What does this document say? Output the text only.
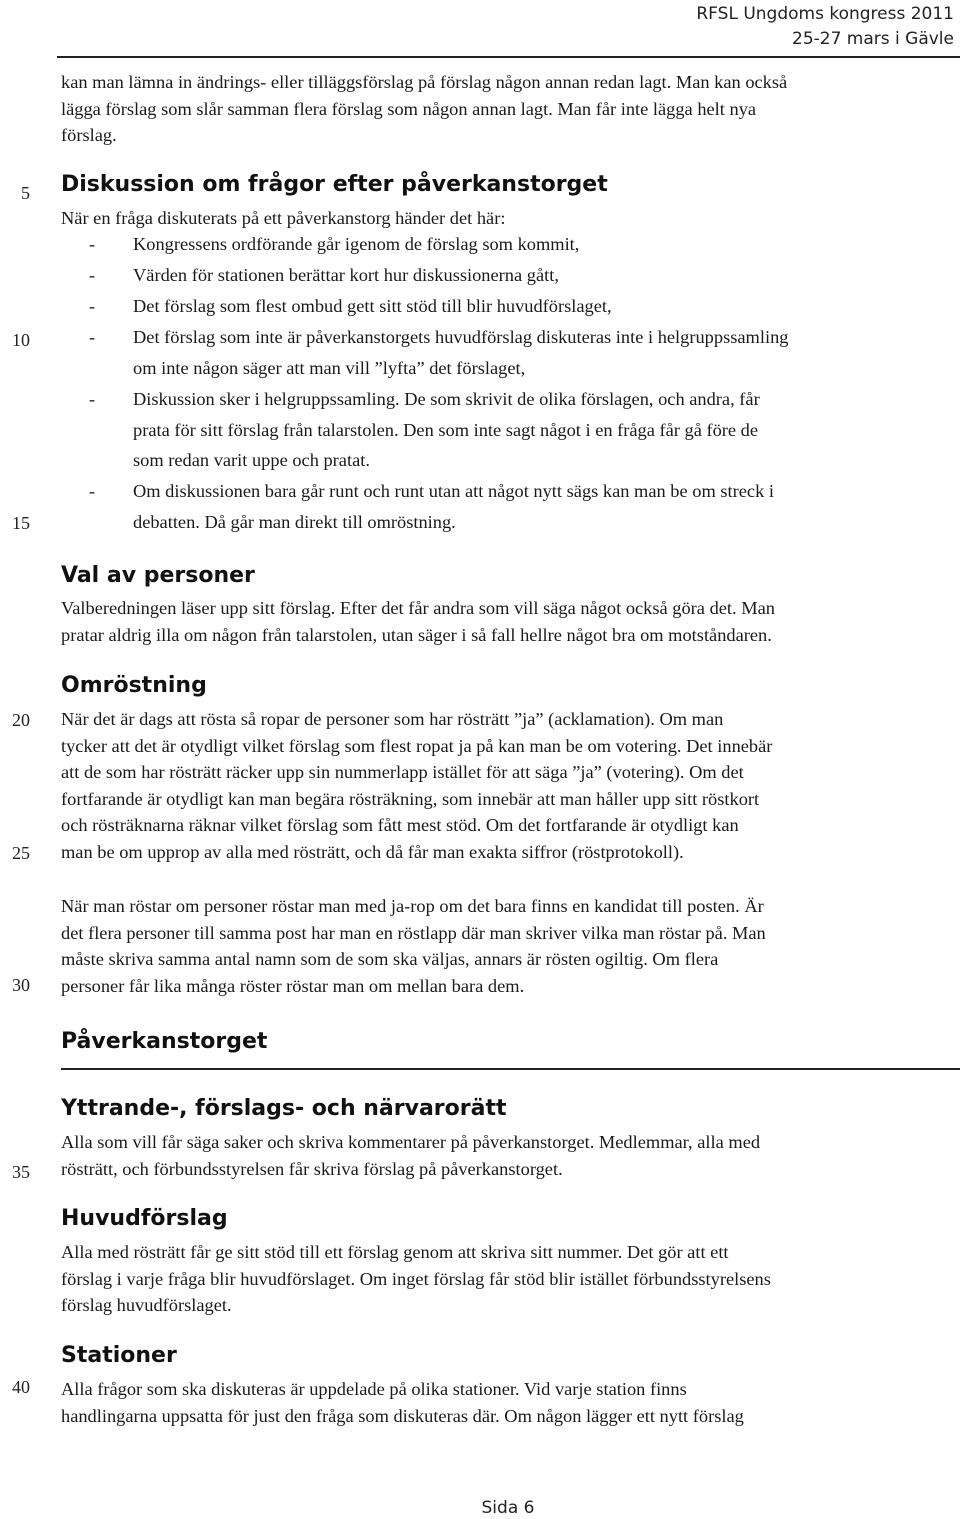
RFSL Ungdoms kongress 2011
25-27 mars i Gävle
5
10
15
20
25
30
35
40

kan man lämna in ändrings- eller tilläggsförslag på förslag någon annan redan lagt. Man kan också
lägga förslag som slår samman flera förslag som någon annan lagt. Man får inte lägga helt nya
förslag.

Diskussion om frågor efter påverkanstorget

När en fråga diskuterats på ett påverkanstorg händer det här:

- Kongressens ordförande går igenom de förslag som kommit,

- Värden för stationen berättar kort hur diskussionerna gått,

- Det förslag som flest ombud gett sitt stöd till blir huvudförslaget,

- Det förslag som inte är påverkanstorgets huvudförslag diskuteras inte i helgruppssamling
om inte någon säger att man vill ”lyfta” det förslaget,

- Diskussion sker i helgruppssamling. De som skrivit de olika förslagen, och andra, får
prata för sitt förslag från talarstolen. Den som inte sagt något i en fråga får gå före de
som redan varit uppe och pratat.

- Om diskussionen bara går runt och runt utan att något nytt sägs kan man be om streck i
debatten. Då går man direkt till omröstning.

Val av personer

Valberedningen läser upp sitt förslag. Efter det får andra som vill säga något också göra det. Man
pratar aldrig illa om någon från talarstolen, utan säger i så fall hellre något bra om motståndaren.

Omröstning

När det är dags att rösta så ropar de personer som har rösträtt ”ja” (acklamation). Om man
tycker att det är otydligt vilket förslag som flest ropat ja på kan man be om votering. Det innebär
att de som har rösträtt räcker upp sin nummerlapp istället för att säga ”ja” (votering). Om det
fortfarande är otydligt kan man begära rösträkning, som innebär att man håller upp sitt röstkort
och rösträknarna räknar vilket förslag som fått mest stöd. Om det fortfarande är otydligt kan
man be om upprop av alla med rösträtt, och då får man exakta siffror (röstprotokoll).

När man röstar om personer röstar man med ja-rop om det bara finns en kandidat till posten. Är
det flera personer till samma post har man en röstlapp där man skriver vilka man röstar på. Man
måste skriva samma antal namn som de som ska väljas, annars är rösten ogiltig. Om flera
personer får lika många röster röstar man om mellan bara dem.

Påverkanstorget
Yttrande-, förslags- och närvarorätt

Alla som vill får säga saker och skriva kommentarer på påverkanstorget. Medlemmar, alla med
rösträtt, och förbundsstyrelsen får skriva förslag på påverkanstorget.

Huvudförslag

Alla med rösträtt får ge sitt stöd till ett förslag genom att skriva sitt nummer. Det gör att ett
förslag i varje fråga blir huvudförslaget. Om inget förslag får stöd blir istället förbundsstyrelsens
förslag huvudförslaget.

Stationer

Alla frågor som ska diskuteras är uppdelade på olika stationer. Vid varje station finns
handlingarna uppsatta för just den fråga som diskuteras där. Om någon lägger ett nytt förslag

Sida 6
